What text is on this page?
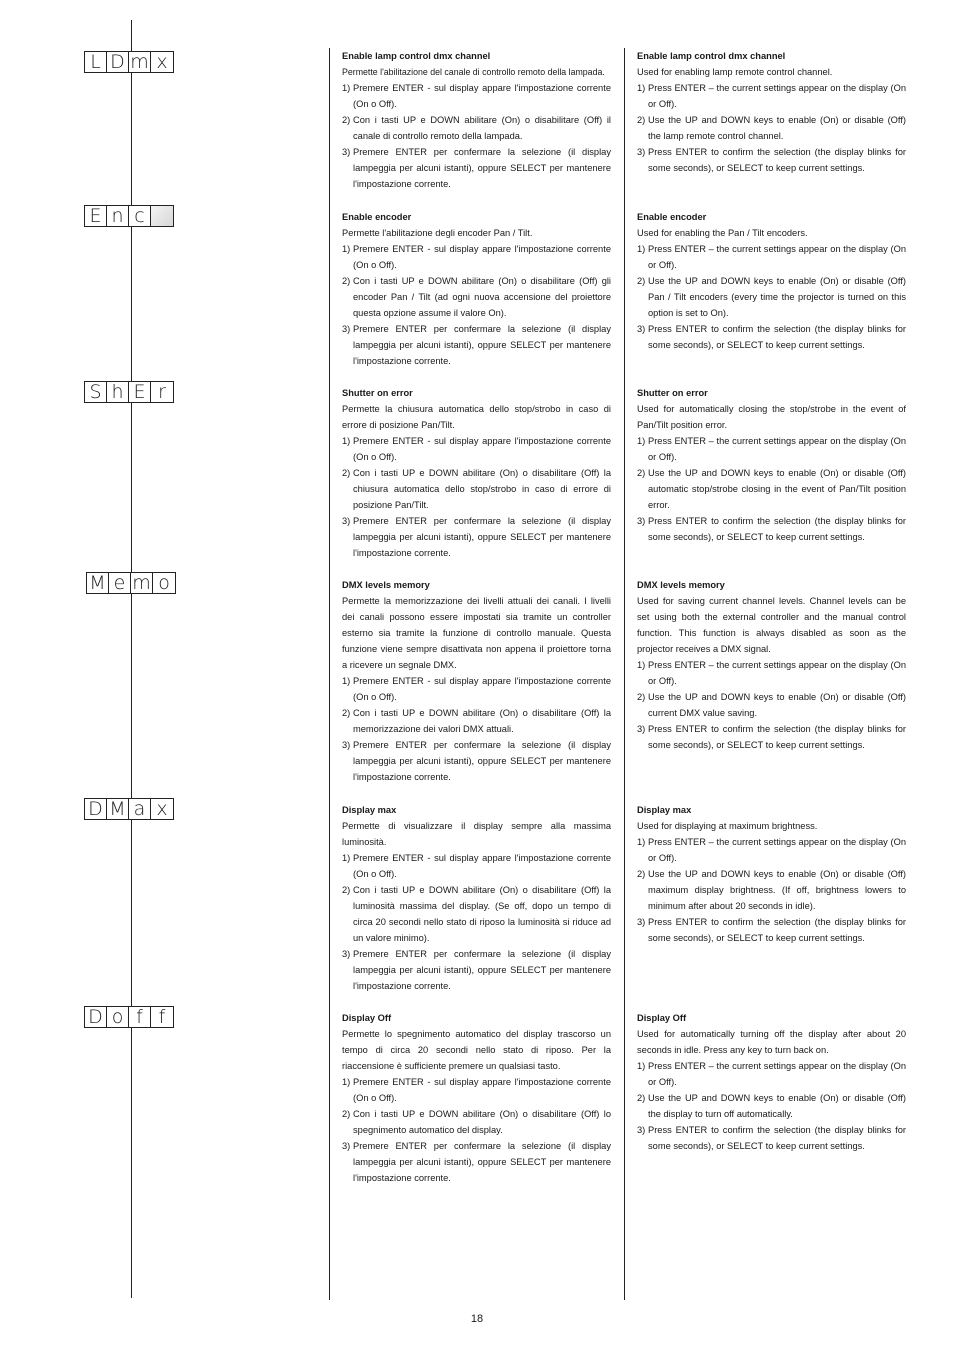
L D m x
E n c
S h E r
M e m o
D M a x
D o f f
Enable lamp control dmx channel

Permette l'abilitazione del canale di controllo remoto della lampada.

1) Premere ENTER - sul display appare l'impostazione corrente (On o Off).
2) Con i tasti UP e DOWN abilitare (On) o disabilitare (Off) il canale di controllo remoto della lampada.
3) Premere ENTER per confermare la selezione (il display lampeggia per alcuni istanti), oppure SELECT per mantenere l'impostazione corrente.
Enable encoder

Permette l'abilitazione degli encoder Pan / Tilt.

1) Premere ENTER - sul display appare l'impostazione corrente (On o Off).
2) Con i tasti UP e DOWN abilitare (On) o disabilitare (Off) gli encoder Pan / Tilt (ad ogni nuova accensione del proiettore questa opzione assume il valore On).
3) Premere ENTER per confermare la selezione (il display lampeggia per alcuni istanti), oppure SELECT per mantenere l'impostazione corrente.
Shutter on error

Permette la chiusura automatica dello stop/strobo in caso di errore di posizione Pan/Tilt.

1) Premere ENTER - sul display appare l'impostazione corrente (On o Off).
2) Con i tasti UP e DOWN abilitare (On) o disabilitare (Off) la chiusura automatica dello stop/strobo in caso di errore di posizione Pan/Tilt.
3) Premere ENTER per confermare la selezione (il display lampeggia per alcuni istanti), oppure SELECT per mantenere l'impostazione corrente.
DMX levels memory

Permette la memorizzazione dei livelli attuali dei canali. I livelli dei canali possono essere impostati sia tramite un controller esterno sia tramite la funzione di controllo manuale. Questa funzione viene sempre disattivata non appena il proiettore torna a ricevere un segnale DMX.

1) Premere ENTER - sul display appare l'impostazione corrente (On o Off).
2) Con i tasti UP e DOWN abilitare (On) o disabilitare (Off) la memorizzazione dei valori DMX attuali.
3) Premere ENTER per confermare la selezione (il display lampeggia per alcuni istanti), oppure SELECT per mantenere l'impostazione corrente.
Display max

Permette di visualizzare il display sempre alla massima luminosità.

1) Premere ENTER - sul display appare l'impostazione corrente (On o Off).
2) Con i tasti UP e DOWN abilitare (On) o disabilitare (Off) la luminosità massima del display. (Se off, dopo un tempo di circa 20 secondi nello stato di riposo la luminosità si riduce ad un valore minimo).
3) Premere ENTER per confermare la selezione (il display lampeggia per alcuni istanti), oppure SELECT per mantenere l'impostazione corrente.
Display Off

Permette lo spegnimento automatico del display trascorso un tempo di circa 20 secondi nello stato di riposo. Per la riaccensione è sufficiente premere un qualsiasi tasto.

1) Premere ENTER - sul display appare l'impostazione corrente (On o Off).
2) Con i tasti UP e DOWN abilitare (On) o disabilitare (Off) lo spegnimento automatico del display.
3) Premere ENTER per confermare la selezione (il display lampeggia per alcuni istanti), oppure SELECT per mantenere l'impostazione corrente.
Enable lamp control dmx channel

Used for enabling lamp remote control channel.

1) Press ENTER – the current settings appear on the display (On or Off).
2) Use the UP and DOWN keys to enable (On) or disable (Off) the lamp remote control channel.
3) Press ENTER to confirm the selection (the display blinks for some seconds), or SELECT to keep current settings.
Enable encoder

Used for enabling the Pan / Tilt encoders.

1) Press ENTER – the current settings appear on the display (On or Off).
2) Use the UP and DOWN keys to enable (On) or disable (Off) Pan / Tilt encoders (every time the projector is turned on this option is set to On).
3) Press ENTER to confirm the selection (the display blinks for some seconds), or SELECT to keep current settings.
Shutter on error

Used for automatically closing the stop/strobe in the event of Pan/Tilt position error.

1) Press ENTER – the current settings appear on the display (On or Off).
2) Use the UP and DOWN keys to enable (On) or disable (Off) automatic stop/strobe closing in the event of Pan/Tilt position error.
3) Press ENTER to confirm the selection (the display blinks for some seconds), or SELECT to keep current settings.
DMX levels memory

Used for saving current channel levels. Channel levels can be set using both the external controller and the manual control function. This function is always disabled as soon as the projector receives a DMX signal.

1) Press ENTER – the current settings appear on the display (On or Off).
2) Use the UP and DOWN keys to enable (On) or disable (Off) current DMX value saving.
3) Press ENTER to confirm the selection (the display blinks for some seconds), or SELECT to keep current settings.
Display max

Used for displaying at maximum brightness.

1) Press ENTER – the current settings appear on the display (On or Off).
2) Use the UP and DOWN keys to enable (On) or disable (Off) maximum display brightness. (If off, brightness lowers to minimum after about 20 seconds in idle).
3) Press ENTER to confirm the selection (the display blinks for some seconds), or SELECT to keep current settings.
Display Off

Used for automatically turning off the display after about 20 seconds in idle. Press any key to turn back on.

1) Press ENTER – the current settings appear on the display (On or Off).
2) Use the UP and DOWN keys to enable (On) or disable (Off) the display to turn off automatically.
3) Press ENTER to confirm the selection (the display blinks for some seconds), or SELECT to keep current settings.
18
